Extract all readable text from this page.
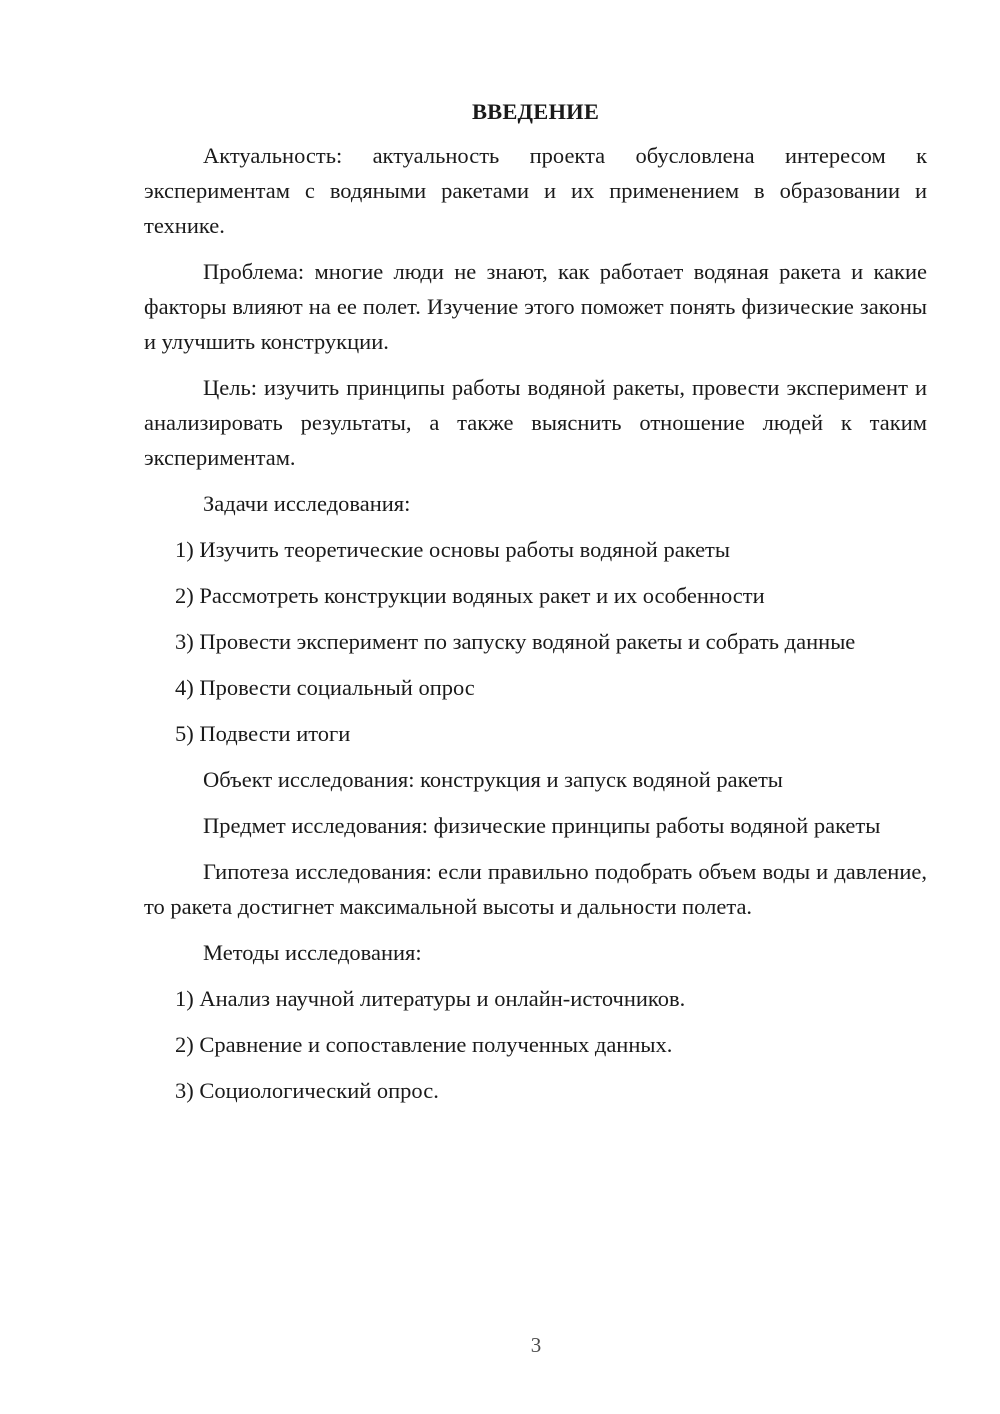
ВВЕДЕНИЕ

Актуальность: актуальность проекта обусловлена интересом к экспериментам с водяными ракетами и их применением в образовании и технике.

Проблема: многие люди не знают, как работает водяная ракета и какие факторы влияют на ее полет. Изучение этого поможет понять физические законы и улучшить конструкции.

Цель: изучить принципы работы водяной ракеты, провести эксперимент и анализировать результаты, а также выяснить отношение людей к таким экспериментам.

Задачи исследования:

1) Изучить теоретические основы работы водяной ракеты

2) Рассмотреть конструкции водяных ракет и их особенности

3) Провести эксперимент по запуску водяной ракеты и собрать данные

4) Провести социальный опрос

5) Подвести итоги

Объект исследования: конструкция и запуск водяной ракеты

Предмет исследования: физические принципы работы водяной ракеты

Гипотеза исследования: если правильно подобрать объем воды и давление, то ракета достигнет максимальной высоты и дальности полета.

Методы исследования:

1) Анализ научной литературы и онлайн-источников.

2) Сравнение и сопоставление полученных данных.

3) Социологический опрос.

3
